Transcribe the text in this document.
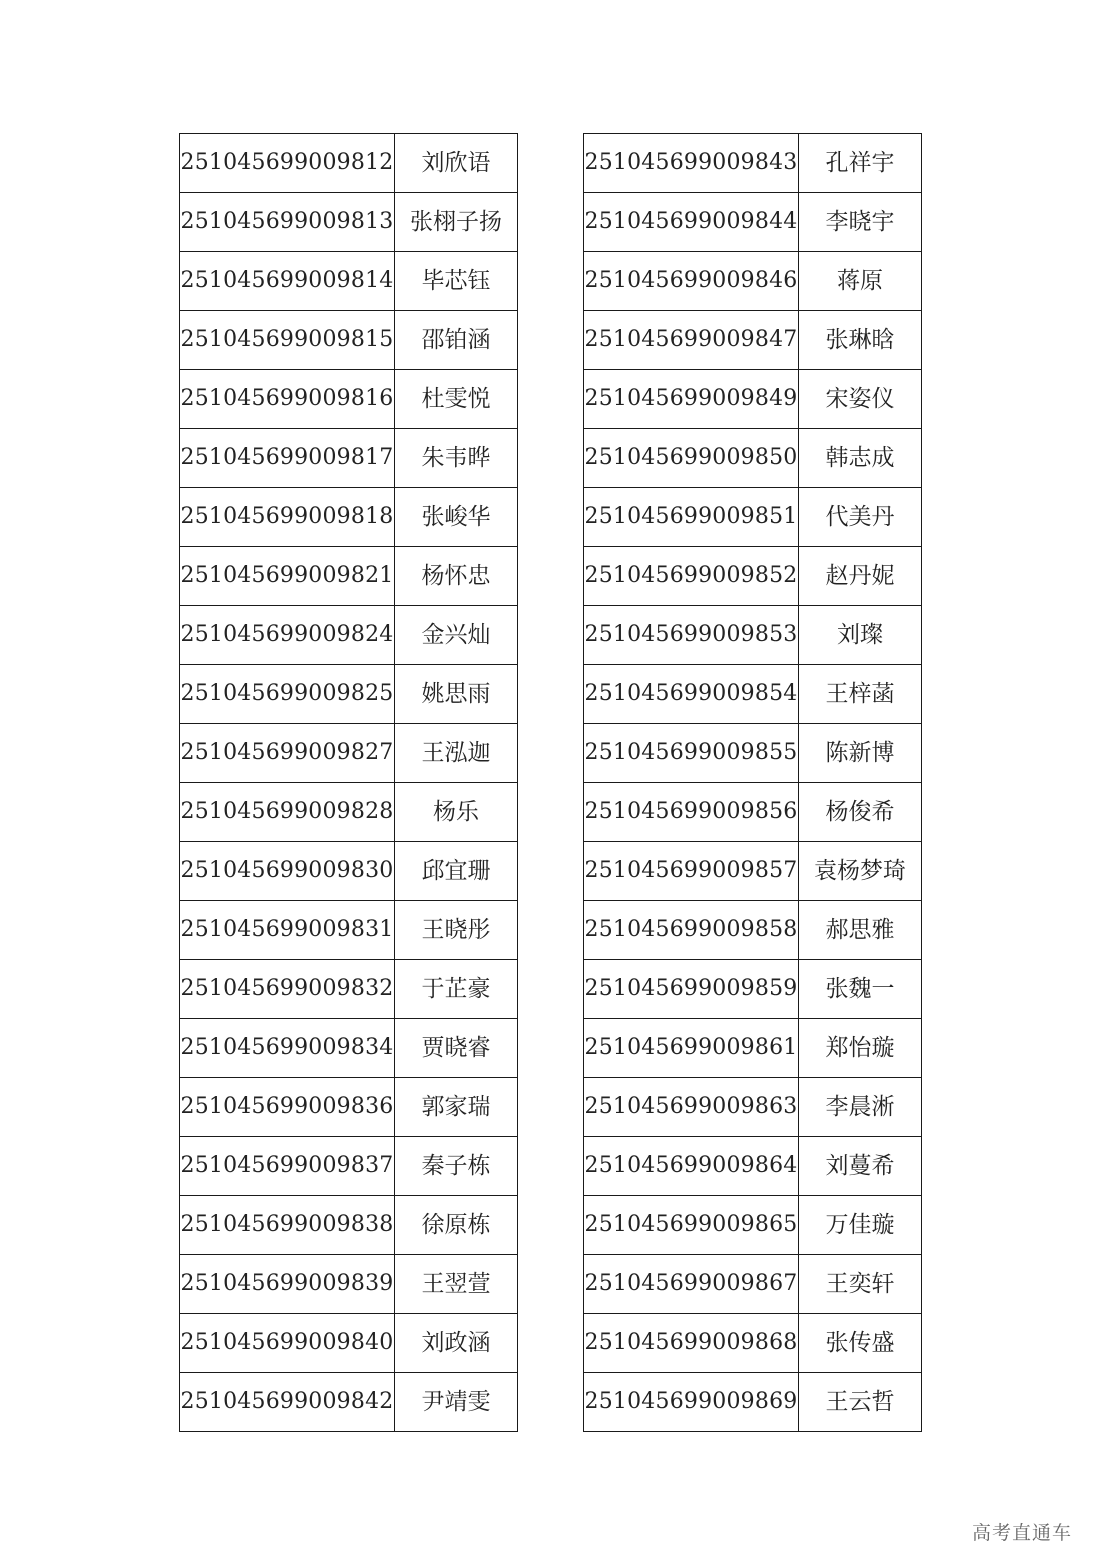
251045699009812	刘欣语
251045699009813	张栩子扬
251045699009814	毕芯钰
251045699009815	邵铂涵
251045699009816	杜雯悦
251045699009817	朱韦晔
251045699009818	张峻华
251045699009821	杨怀忠
251045699009824	金兴灿
251045699009825	姚思雨
251045699009827	王泓迦
251045699009828	杨乐
251045699009830	邱宜珊
251045699009831	王晓彤
251045699009832	于芷豪
251045699009834	贾晓睿
251045699009836	郭家瑞
251045699009837	秦子栋
251045699009838	徐原栋
251045699009839	王翌萱
251045699009840	刘政涵
251045699009842	尹靖雯
251045699009843	孔祥宇
251045699009844	李晓宇
251045699009846	蒋原
251045699009847	张琳晗
251045699009849	宋姿仪
251045699009850	韩志成
251045699009851	代美丹
251045699009852	赵丹妮
251045699009853	刘璨
251045699009854	王梓菡
251045699009855	陈新博
251045699009856	杨俊希
251045699009857	袁杨梦琦
251045699009858	郝思雅
251045699009859	张魏一
251045699009861	郑怡璇
251045699009863	李晨淅
251045699009864	刘蔓希
251045699009865	万佳璇
251045699009867	王奕轩
251045699009868	张传盛
251045699009869	王云哲
高考直通车
